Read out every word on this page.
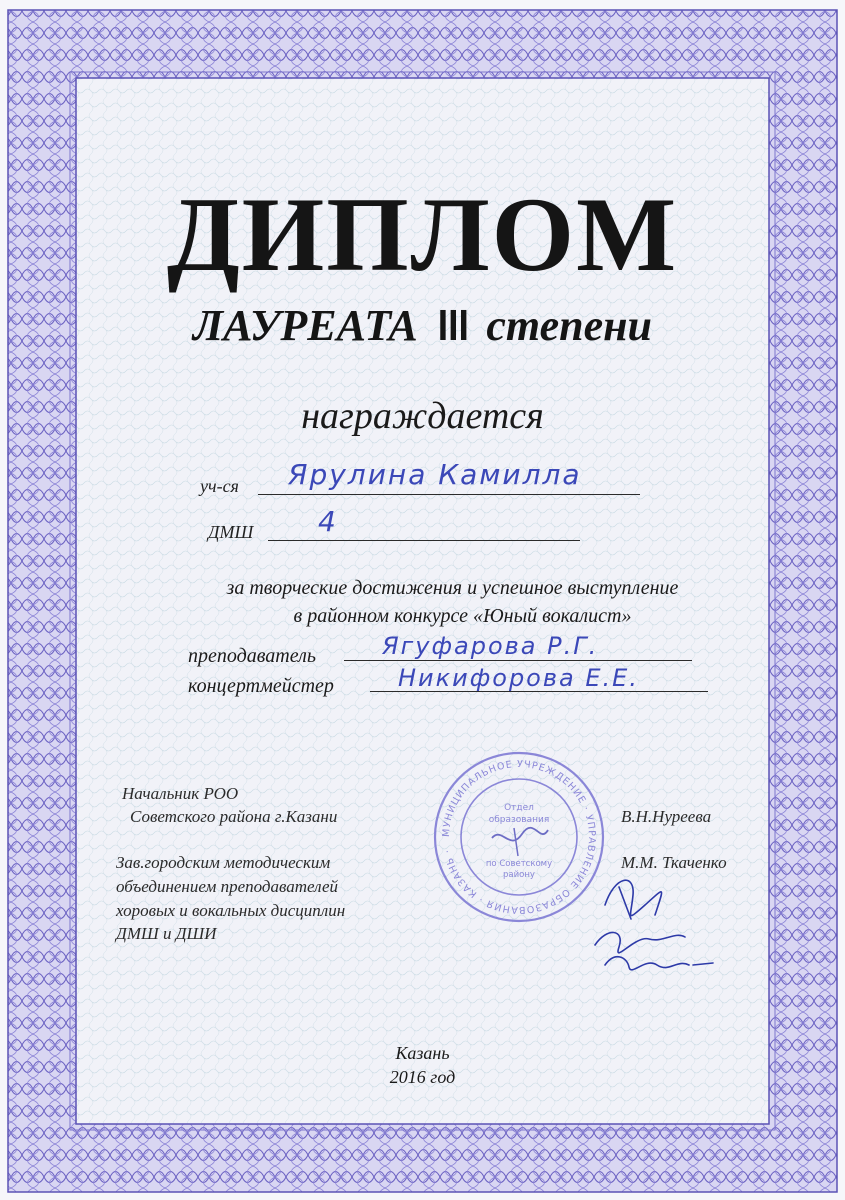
ДИПЛОМ
ЛАУРЕАТА III степени
награждается
уч-ся Ярулина Камилла
ДМШ 4
за творческие достижения и успешное выступление
в районном конкурсе «Юный вокалист»
преподаватель	Ягуфарова Р.Г.
концертмейстер	Никифорова Е.Е.
Начальник РОО
Советского района г.Казани	В.Н.Нуреева
Зав.городским методическим
объединением преподавателей
хоровых и вокальных дисциплин
ДМШ и ДШИ
М.М. Ткаченко
МУНИЦИПАЛЬНОЕ УЧРЕЖДЕНИЕ · УПРАВЛЕНИЕ ОБРАЗОВАНИЯ · КАЗАНЬ ·
Отдел
образования
по Советскому
району
Казань
2016 год
